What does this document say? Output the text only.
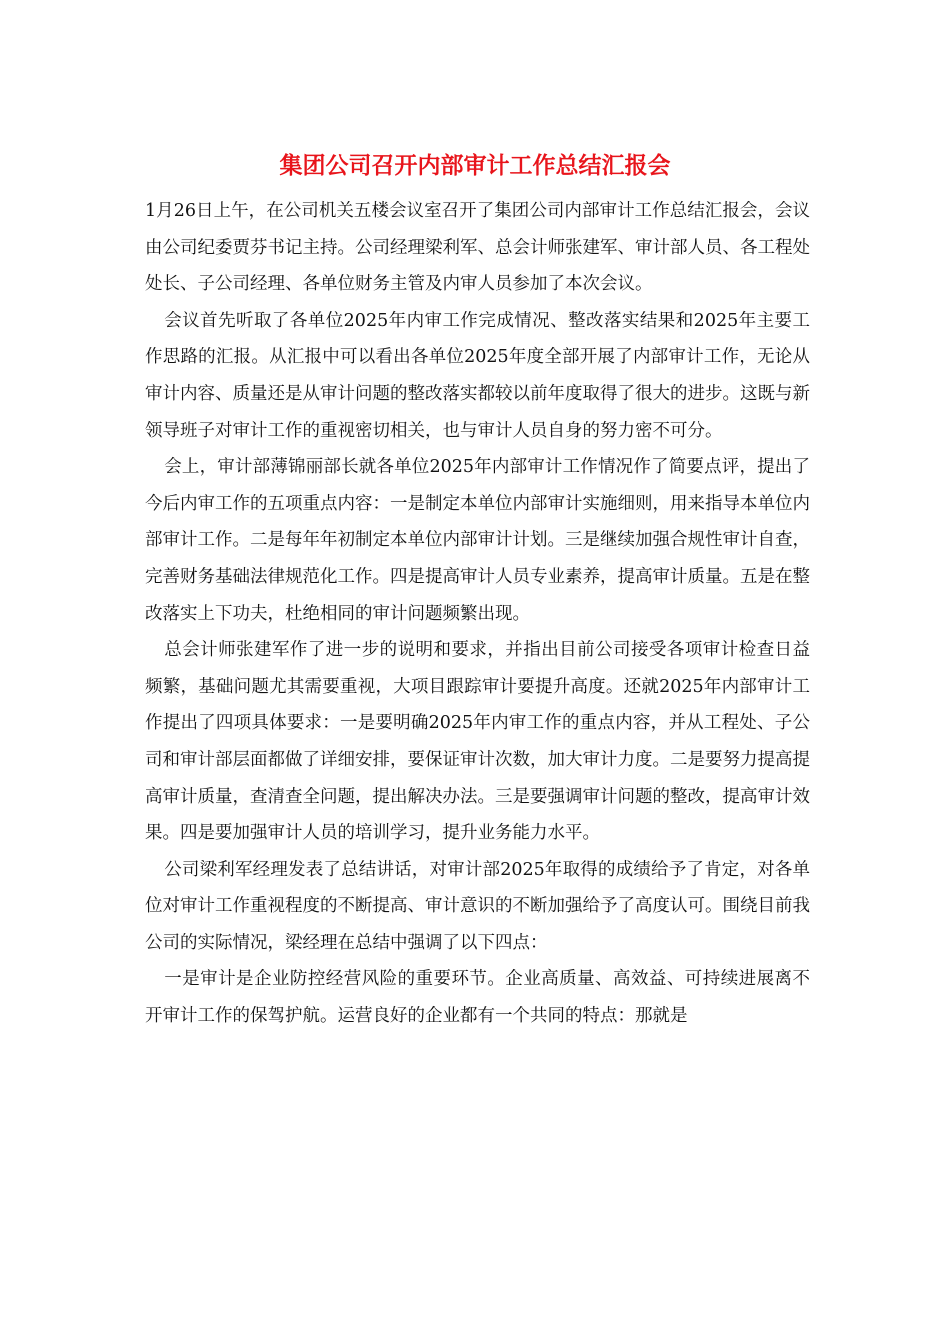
集团公司召开内部审计工作总结汇报会

1月26日上午，在公司机关五楼会议室召开了集团公司内部审计工作总结汇报会，会议由公司纪委贾芬书记主持。公司经理梁利军、总会计师张建军、审计部人员、各工程处处长、子公司经理、各单位财务主管及内审人员参加了本次会议。

会议首先听取了各单位2025年内审工作完成情况、整改落实结果和2025年主要工作思路的汇报。从汇报中可以看出各单位2025年度全部开展了内部审计工作，无论从审计内容、质量还是从审计问题的整改落实都较以前年度取得了很大的进步。这既与新领导班子对审计工作的重视密切相关，也与审计人员自身的努力密不可分。

会上，审计部薄锦丽部长就各单位2025年内部审计工作情况作了简要点评，提出了今后内审工作的五项重点内容：一是制定本单位内部审计实施细则，用来指导本单位内部审计工作。二是每年年初制定本单位内部审计计划。三是继续加强合规性审计自查，完善财务基础法律规范化工作。四是提高审计人员专业素养，提高审计质量。五是在整改落实上下功夫，杜绝相同的审计问题频繁出现。

总会计师张建军作了进一步的说明和要求，并指出目前公司接受各项审计检查日益频繁，基础问题尤其需要重视，大项目跟踪审计要提升高度。还就2025年内部审计工作提出了四项具体要求：一是要明确2025年内审工作的重点内容，并从工程处、子公司和审计部层面都做了详细安排，要保证审计次数，加大审计力度。二是要努力提高提高审计质量，查清查全问题，提出解决办法。三是要强调审计问题的整改，提高审计效果。四是要加强审计人员的培训学习，提升业务能力水平。

公司梁利军经理发表了总结讲话，对审计部2025年取得的成绩给予了肯定，对各单位对审计工作重视程度的不断提高、审计意识的不断加强给予了高度认可。围绕目前我公司的实际情况，梁经理在总结中强调了以下四点：

一是审计是企业防控经营风险的重要环节。企业高质量、高效益、可持续进展离不开审计工作的保驾护航。运营良好的企业都有一个共同的特点：那就是
